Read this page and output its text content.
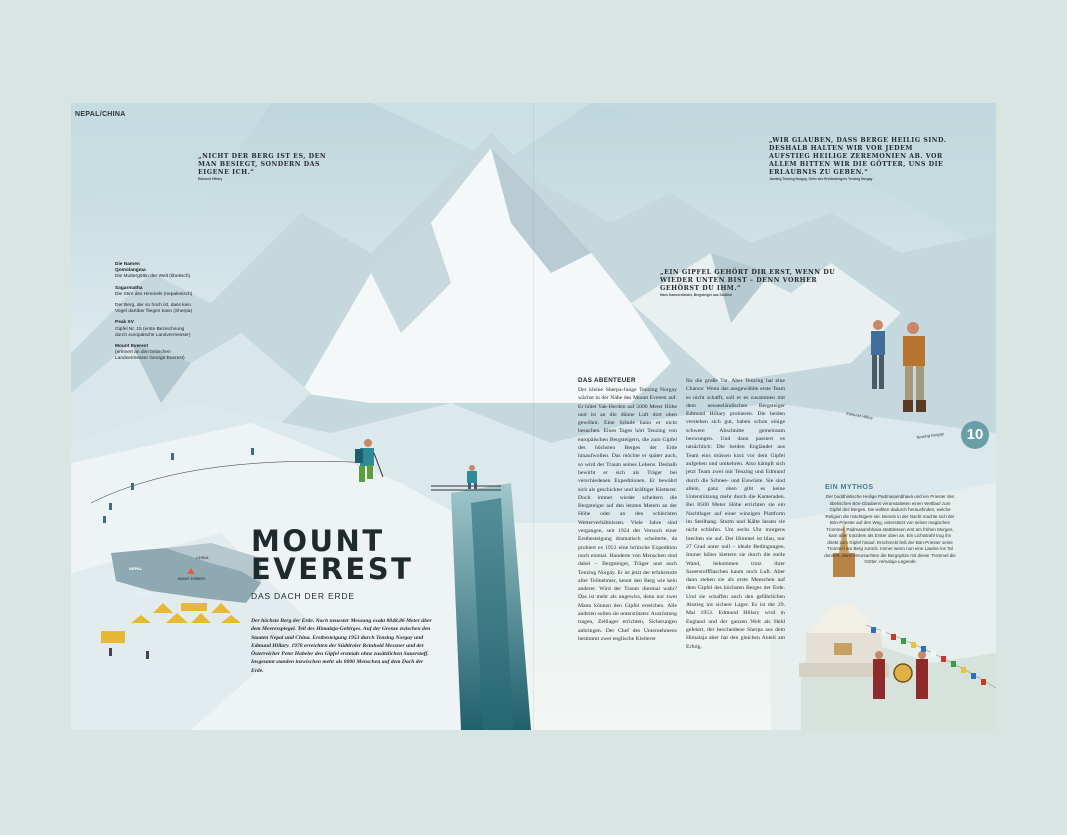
NEPAL/CHINA
„NICHT DER BERG IST ES, DEN MAN BESIEGT, SONDERN DAS EIGENE ICH.“
Edmund Hillary
„WIR GLAUBEN, DASS BERGE HEILIG SIND. DESHALB HALTEN WIR VOR JEDEM AUFSTIEG HEILIGE ZEREMONIEN AB. VOR ALLEM BITTEN WIR DIE GÖTTER, UNS DIE ERLAUBNIS ZU GEBEN.“
Jamling Tenzing Norgay, Sohn des Erstbesteigers Tenzing Norgay
„EIN GIPFEL GEHÖRT DIR ERST, WENN DU WIEDER UNTEN BIST – DENN VORHER GEHÖRST DU IHM.“
Hans Kammerlander, Bergsteiger aus Südtirol
Die Namen
Qomolangma
Die Muttergöttin der Welt (tibetisch)
Sagarmatha
Die Stirn des Himmels (nepalesisch)
Der Berg, der so hoch ist, dass kein Vogel darüber fliegen kann (Sherpa)
Peak XV
Gipfel Nr. 15 (erste Bezeichnung durch europäische Landvermesser)
Mount Everest
(erinnert an den britischen Landvermesser George Everest)
NEPAL
INDIEN
CHINA
MOUNT EVEREST
MOUNT
EVEREST
DAS DACH DER ERDE
Der höchste Berg der Erde. Nach neuester Messung exakt 8848,86 Meter über dem Meeresspiegel. Teil des Himalaja-Gebirges. Auf der Grenze zwischen den Staaten Nepal und China. Erstbesteigung 1953 durch Tenzing Norgay und Edmund Hillary. 1978 erreichten der Südtiroler Reinhold Messner und der Österreicher Peter Habeler den Gipfel erstmals ohne zusätzlichen Sauerstoff. Insgesamt standen inzwischen mehr als 8000 Menschen auf dem Dach der Erde.
DAS ABENTEUER
Der kleine Sherpa-Junge Tenzing Norgay wächst in der Nähe des Mount Everest auf. Er hütet Yak-Herden auf 5000 Meter Höhe und ist an die dünne Luft dort oben gewöhnt. Eine Schule kann er nicht besuchen. Eines Tages hört Tenzing von europäischen Bergsteigern, die zum Gipfel des höchsten Berges der Erde hinaufwollen. Das möchte er später auch, so wird der Traum seines Lebens. Deshalb bewirbt er sich als Träger bei verschiedenen Expeditionen. Er bewährt sich als geschickter und kräftiger Kletterer. Doch immer wieder scheitern die Bergsteiger auf den letzten Metern an der Höhe oder an den schlechten Wetterverhältnissen. Viele Jahre sind vergangen, seit 1924 der Versuch einer Erstbesteigung dramatisch scheiterte, da probiert es 1953 eine britische Expedition noch einmal. Hunderte von Menschen sind dabei – Bergsteiger, Träger und auch Tenzing Norgay. Er ist jetzt der erfahrenste aller Teilnehmer, kennt den Berg wie kein anderer. Wird der Traum diesmal wahr? Das ist mehr als ungewiss, denn nur zwei Mann können den Gipfel erreichen. Alle anderen sollen sie unterstützen: Ausrüstung tragen, Zeltlager errichten, Sicherungen anbringen. Der Chef des Unternehmens bestimmt zwei englische Kletterer
für die große Tat. Aber Tenzing hat eine Chance: Wenn das ausgewählte erste Team es nicht schafft, soll er es zusammen mit dem neuseeländischen Bergsteiger Edmund Hillary probieren. Die beiden verstehen sich gut, haben schon einige schwere Abschnitte gemeinsam bezwungen. Und dann passiert es tatsächlich: Die beiden Engländer aus Team eins müssen kurz vor dem Gipfel aufgeben und umkehren. Also kämpft sich jetzt Team zwei mit Tenzing und Edmund durch die Schnee- und Eiswüste. Sie sind allein, ganz oben gibt es keine Unterstützung mehr durch die Kameraden. Bei 8500 Meter Höhe errichten sie ein Nachtlager auf einer winzigen Plattform im Steilhang. Sturm und Kälte lassen sie nicht schlafen. Um sechs Uhr morgens brechen sie auf. Der Himmel ist blau, nur 27 Grad unter null – ideale Bedingungen. Immer höher klettern sie durch die steile Wand, bekommen trotz ihrer Sauerstoffflaschen kaum noch Luft. Aber dann stehen sie als erste Menschen auf dem Gipfel des höchsten Berges der Erde. Und sie schaffen auch den gefährlichen Abstieg ins sichere Lager. Es ist der 29. Mai 1953. Edmund Hillary wird in England und der ganzen Welt als Held gefeiert, der bescheidene Sherpa aus dem Himalaja aber hat den gleichen Anteil am Erfolg.
Edmund Hillary
Tenzing Norgay	10
EIN MYTHOS
Der buddhistische Heilige Padmasambhava und ein Priester des tibetischen Bön-Glaubens veranstalteten einen Wettlauf zum Gipfel des Berges. Sie wollten dadurch herausfinden, welche Religion die mächtigere sei. Bereits in der Nacht machte sich der Bön-Priester auf den Weg, unterstützt von seiner magischen Trommel. Padmasambhava stattdessen erst am frühen Morgen, kam aber trotzdem als Erster oben an. Ein Lichtstrahl trug ihn direkt zum Gipfel hinauf. Erschreckt ließ der Bön-Priester seine Trommel am Berg zurück. Immer wenn nun eine Lawine ins Tal donnert, dann verursachten die Bergspitze mit dieser Trommel die Götter. Himalaja-Legende
